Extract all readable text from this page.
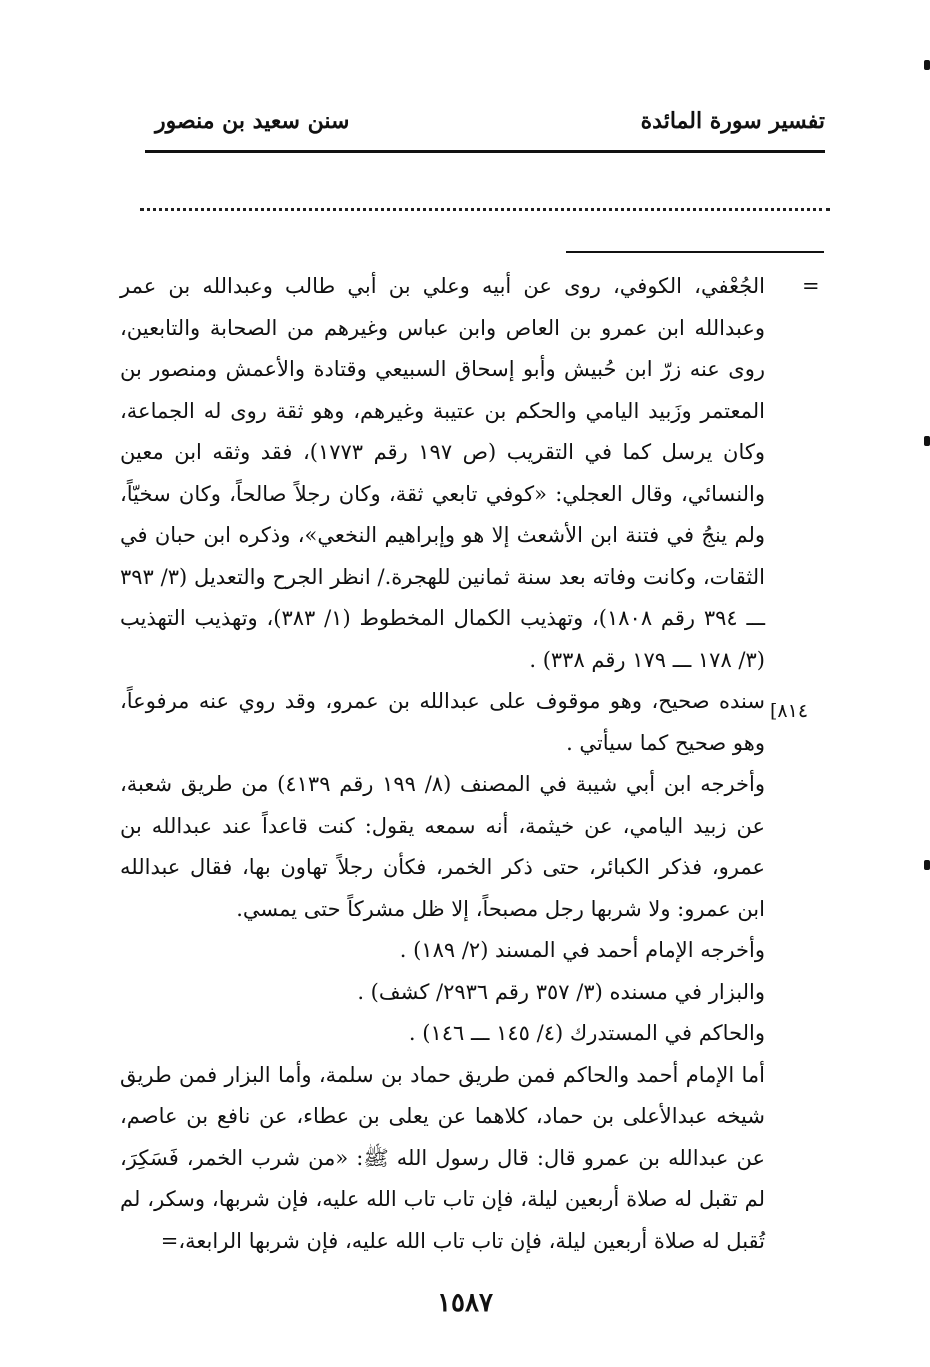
تفسير سورة المائدة
سنن سعيد بن منصور
=
[٨١٤

الجُعْفي، الكوفي، روى عن أبيه وعلي بن أبي طالب وعبدالله بن عمر وعبدالله ابن عمرو بن العاص وابن عباس وغيرهم من الصحابة والتابعين، روى عنه زرّ ابن حُبيش وأبو إسحاق السبيعي وقتادة والأعمش ومنصور بن المعتمر وزَبيد اليامي والحكم بن عتيبة وغيرهم، وهو ثقة روى له الجماعة، وكان يرسل كما في التقريب (ص ١٩٧ رقم ١٧٧٣)، فقد وثقه ابن معين والنسائي، وقال العجلي: «كوفي تابعي ثقة، وكان رجلاً صالحاً، وكان سخيّاً، ولم ينجُ في فتنة ابن الأشعث إلا هو وإبراهيم النخعي»، وذكره ابن حبان في الثقات، وكانت وفاته بعد سنة ثمانين للهجرة./ انظر الجرح والتعديل (٣/ ٣٩٣ ـــ ٣٩٤ رقم ١٨٠٨)، وتهذيب الكمال المخطوط (١/ ٣٨٣)، وتهذيب التهذيب (٣/ ١٧٨ ـــ ١٧٩ رقم ٣٣٨) .

سنده صحيح، وهو موقوف على عبدالله بن عمرو، وقد روي عنه مرفوعاً، وهو صحيح كما سيأتي .

وأخرجه ابن أبي شيبة في المصنف (٨/ ١٩٩ رقم ٤١٣٩) من طريق شعبة، عن زبيد اليامي، عن خيثمة، أنه سمعه يقول: كنت قاعداً عند عبدالله بن عمرو، فذكر الكبائر، حتى ذكر الخمر، فكأن رجلاً تهاون بها، فقال عبدالله ابن عمرو: ولا شربها رجل مصبحاً، إلا ظل مشركاً حتى يمسي.

وأخرجه الإمام أحمد في المسند (٢/ ١٨٩) .

والبزار في مسنده (٣/ ٣٥٧ رقم ٢٩٣٦/ كشف) .

والحاكم في المستدرك (٤/ ١٤٥ ـــ ١٤٦) .

أما الإمام أحمد والحاكم فمن طريق حماد بن سلمة، وأما البزار فمن طريق شيخه عبدالأعلى بن حماد، كلاهما عن يعلى بن عطاء، عن نافع بن عاصم، عن عبدالله بن عمرو قال: قال رسول الله ﷺ: «من شرب الخمر، فَسَكِرَ، لم تقبل له صلاة أربعين ليلة، فإن تاب تاب الله عليه، فإن شربها، وسكر، لم تُقبل له صلاة أربعين ليلة، فإن تاب تاب الله عليه، فإن شربها الرابعة،=

١٥٨٧
